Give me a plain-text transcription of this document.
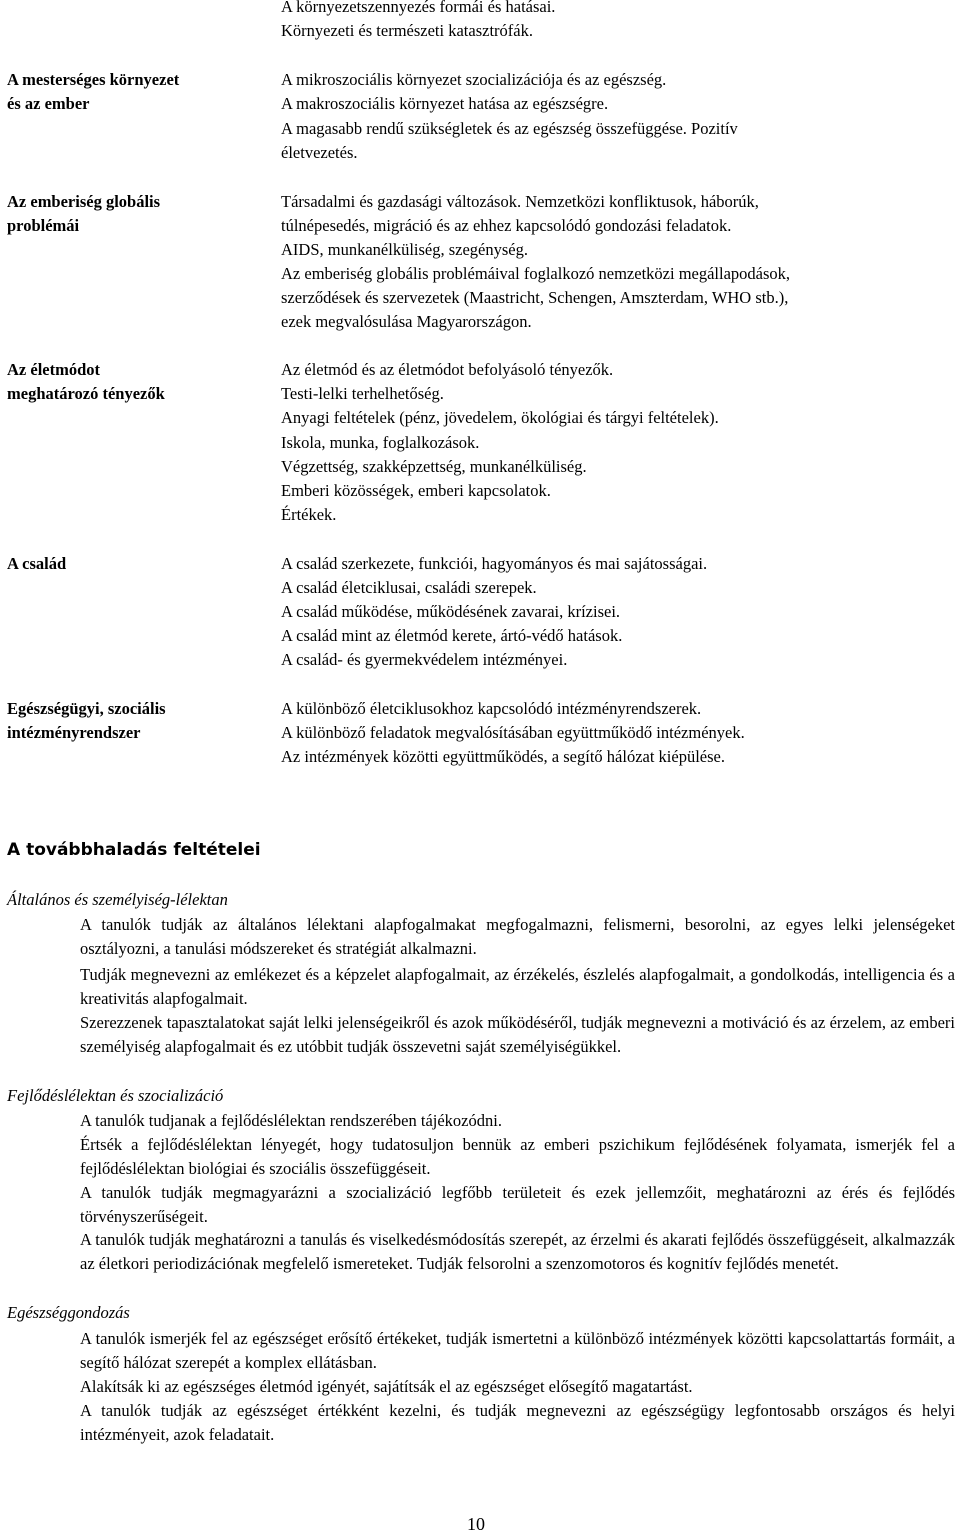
A mesterséges környezet
és az ember
Az emberiség globális
problémái
Az életmódot
meghatározó tényezők
A család
Egészségügyi, szociális
intézményrendszer
A környezetszennyezés formái és hatásai.
Környezeti és természeti katasztrófák.
A mikroszociális környezet szocializációja és az egészség.
A makroszociális környezet hatása az egészségre.
A magasabb rendű szükségletek és az egészség összefüggése. Pozitív
életvezetés.
Társadalmi és gazdasági változások. Nemzetközi konfliktusok, háborúk,
túlnépesedés, migráció és az ehhez kapcsolódó gondozási feladatok.
AIDS, munkanélküliség, szegénység.
Az emberiség globális problémáival foglalkozó nemzetközi megállapodások,
szerződések és szervezetek (Maastricht, Schengen, Amszterdam, WHO stb.),
ezek megvalósulása Magyarországon.
Az életmód és az életmódot befolyásoló tényezők.
Testi-lelki terhelhetőség.
Anyagi feltételek (pénz, jövedelem, ökológiai és tárgyi feltételek).
Iskola, munka, foglalkozások.
Végzettség, szakképzettség, munkanélküliség.
Emberi közösségek, emberi kapcsolatok.
Értékek.
A család szerkezete, funkciói, hagyományos és mai sajátosságai.
A család életciklusai, családi szerepek.
A család működése, működésének zavarai, krízisei.
A család mint az életmód kerete, ártó-védő hatások.
A család- és gyermekvédelem intézményei.
A különböző életciklusokhoz kapcsolódó intézményrendszerek.
A különböző feladatok megvalósításában együttműködő intézmények.
Az intézmények közötti együttműködés, a segítő hálózat kiépülése.
A továbbhaladás feltételei
Általános és személyiség-lélektan
A tanulók tudják az általános lélektani alapfogalmakat megfogalmazni, felismerni, besorolni, az egyes lelki jelenségeket osztályozni, a tanulási módszereket és stratégiát alkalmazni.
Tudják megnevezni az emlékezet és a képzelet alapfogalmait, az érzékelés, észlelés alapfogalmait, a gondolkodás, intelligencia és a kreativitás alapfogalmait.
Szerezzenek tapasztalatokat saját lelki jelenségeikről és azok működéséről, tudják megnevezni a motiváció és az érzelem, az emberi személyiség alapfogalmait és ez utóbbit tudják összevetni saját személyiségükkel.
Fejlődéslélektan és szocializáció
A tanulók tudjanak a fejlődéslélektan rendszerében tájékozódni.
Értsék a fejlődéslélektan lényegét, hogy tudatosuljon bennük az emberi pszichikum fejlődésének folyamata, ismerjék fel a fejlődéslélektan biológiai és szociális összefüggéseit.
A tanulók tudják megmagyarázni a szocializáció legfőbb területeit és ezek jellemzőit, meghatározni az érés és fejlődés törvényszerűségeit.
A tanulók tudják meghatározni a tanulás és viselkedésmódosítás szerepét, az érzelmi és akarati fejlődés összefüggéseit, alkalmazzák az életkori periodizációnak megfelelő ismereteket. Tudják felsorolni a szenzomotoros és kognitív fejlődés menetét.
Egészséggondozás
A tanulók ismerjék fel az egészséget erősítő értékeket, tudják ismertetni a különböző intézmények közötti kapcsolattartás formáit, a segítő hálózat szerepét a komplex ellátásban.
Alakítsák ki az egészséges életmód igényét, sajátítsák el az egészséget elősegítő magatartást.
A tanulók tudják az egészséget értékként kezelni, és tudják megnevezni az egészségügy legfontosabb országos és helyi intézményeit, azok feladatait.
10
